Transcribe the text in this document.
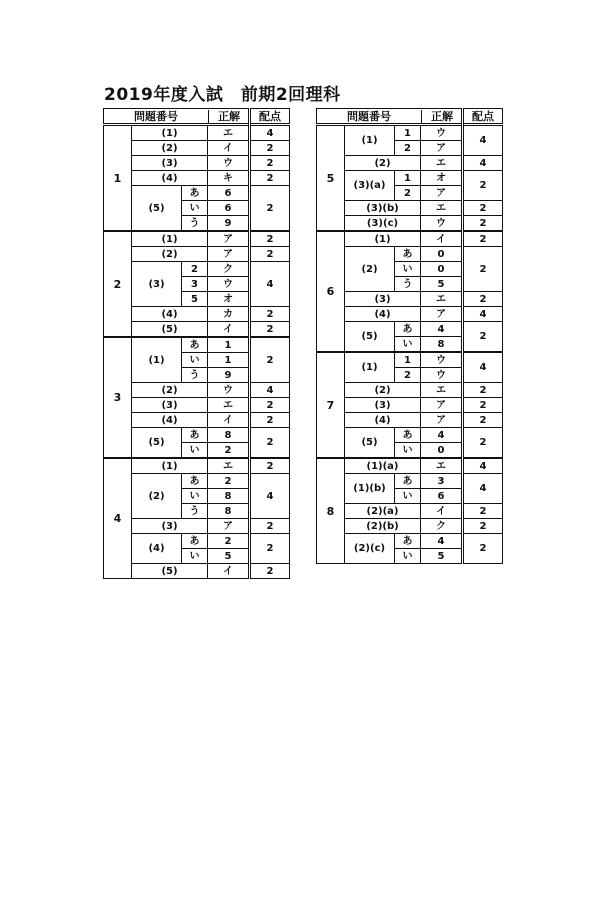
2019年度入試　前期2回理科
問題番号 正解				配点
1	(1)		エ	4
	(2)		イ	2
	(3)		ウ	2
	(4)		キ	2
	(5)	あ	6	2
		い	6	
		う	9	
2	(1)		ア	2
	(2)		ア	2
	(3)	2	ク	4
		3	ウ	
		5	オ	
	(4)		カ	2
	(5)		イ	2
3	(1)	あ	1	2
		い	1	
		う	9	
	(2)		ウ	4
	(3)		エ	2
	(4)		イ	2
	(5)	あ	8	2
		い	2	
4	(1)		エ	2
	(2)	あ	2	4
		い	8	
		う	8	
	(3)		ア	2
	(4)	あ	2	2
		い	5	
	(5)		イ	2
問題番号 正解				配点
5	(1)	1	ウ	4
		2	ア	
	(2)		エ	4
	(3)(a)	1	オ	2
		2	ア	
	(3)(b)		エ	2
	(3)(c)		ウ	2
6	(1)		イ	2
	(2)	あ	0	2
		い	0	
		う	5	
	(3)		エ	2
	(4)		ア	4
	(5)	あ	4	2
		い	8	
7	(1)	1	ウ	4
		2	ウ	
	(2)		エ	2
	(3)		ア	2
	(4)		ア	2
	(5)	あ	4	2
		い	0	
8	(1)(a)		エ	4
	(1)(b)	あ	3	4
		い	6	
	(2)(a)		イ	2
	(2)(b)		ク	2
	(2)(c)	あ	4	2
		い	5	
